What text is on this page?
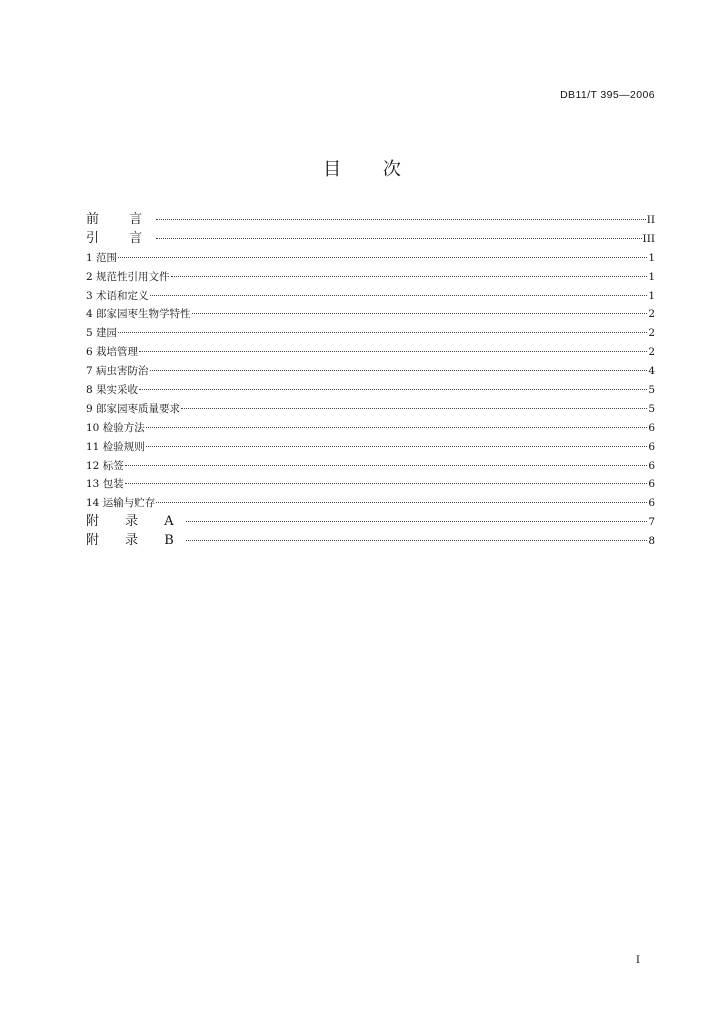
DB11/T 395—2006
目 次
前 言	II
引 言	III
1 范围	1
2 规范性引用文件	1
3 术语和定义	1
4 郎家园枣生物学特性	2
5 建园	2
6 栽培管理	2
7 病虫害防治	4
8 果实采收	5
9 郎家园枣质量要求	5
10 检验方法	6
11 检验规则	6
12 标签	6
13 包装	6
14 运输与贮存	6
附 录 A	7
附 录 B	8
I
